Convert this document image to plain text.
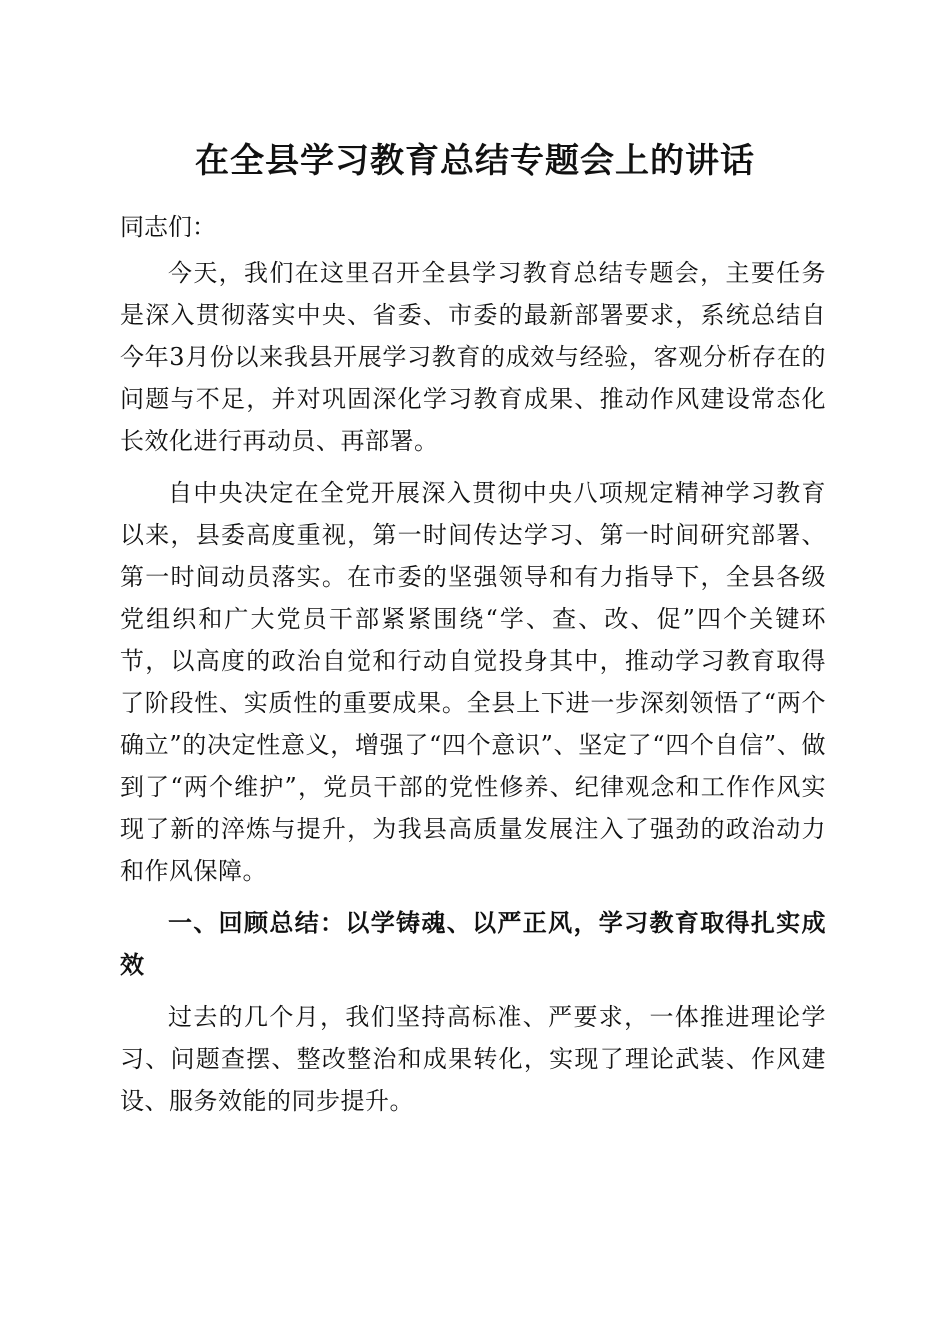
在全县学习教育总结专题会上的讲话

同志们：

今天，我们在这里召开全县学习教育总结专题会，主要任务是深入贯彻落实中央、省委、市委的最新部署要求，系统总结自今年3月份以来我县开展学习教育的成效与经验，客观分析存在的问题与不足，并对巩固深化学习教育成果、推动作风建设常态化长效化进行再动员、再部署。

自中央决定在全党开展深入贯彻中央八项规定精神学习教育以来，县委高度重视，第一时间传达学习、第一时间研究部署、第一时间动员落实。在市委的坚强领导和有力指导下，全县各级党组织和广大党员干部紧紧围绕“学、查、改、促”四个关键环节，以高度的政治自觉和行动自觉投身其中，推动学习教育取得了阶段性、实质性的重要成果。全县上下进一步深刻领悟了“两个确立”的决定性意义，增强了“四个意识”、坚定了“四个自信”、做到了“两个维护”，党员干部的党性修养、纪律观念和工作作风实现了新的淬炼与提升，为我县高质量发展注入了强劲的政治动力和作风保障。

一、回顾总结：以学铸魂、以严正风，学习教育取得扎实成效

过去的几个月，我们坚持高标准、严要求，一体推进理论学习、问题查摆、整改整治和成果转化，实现了理论武装、作风建设、服务效能的同步提升。
